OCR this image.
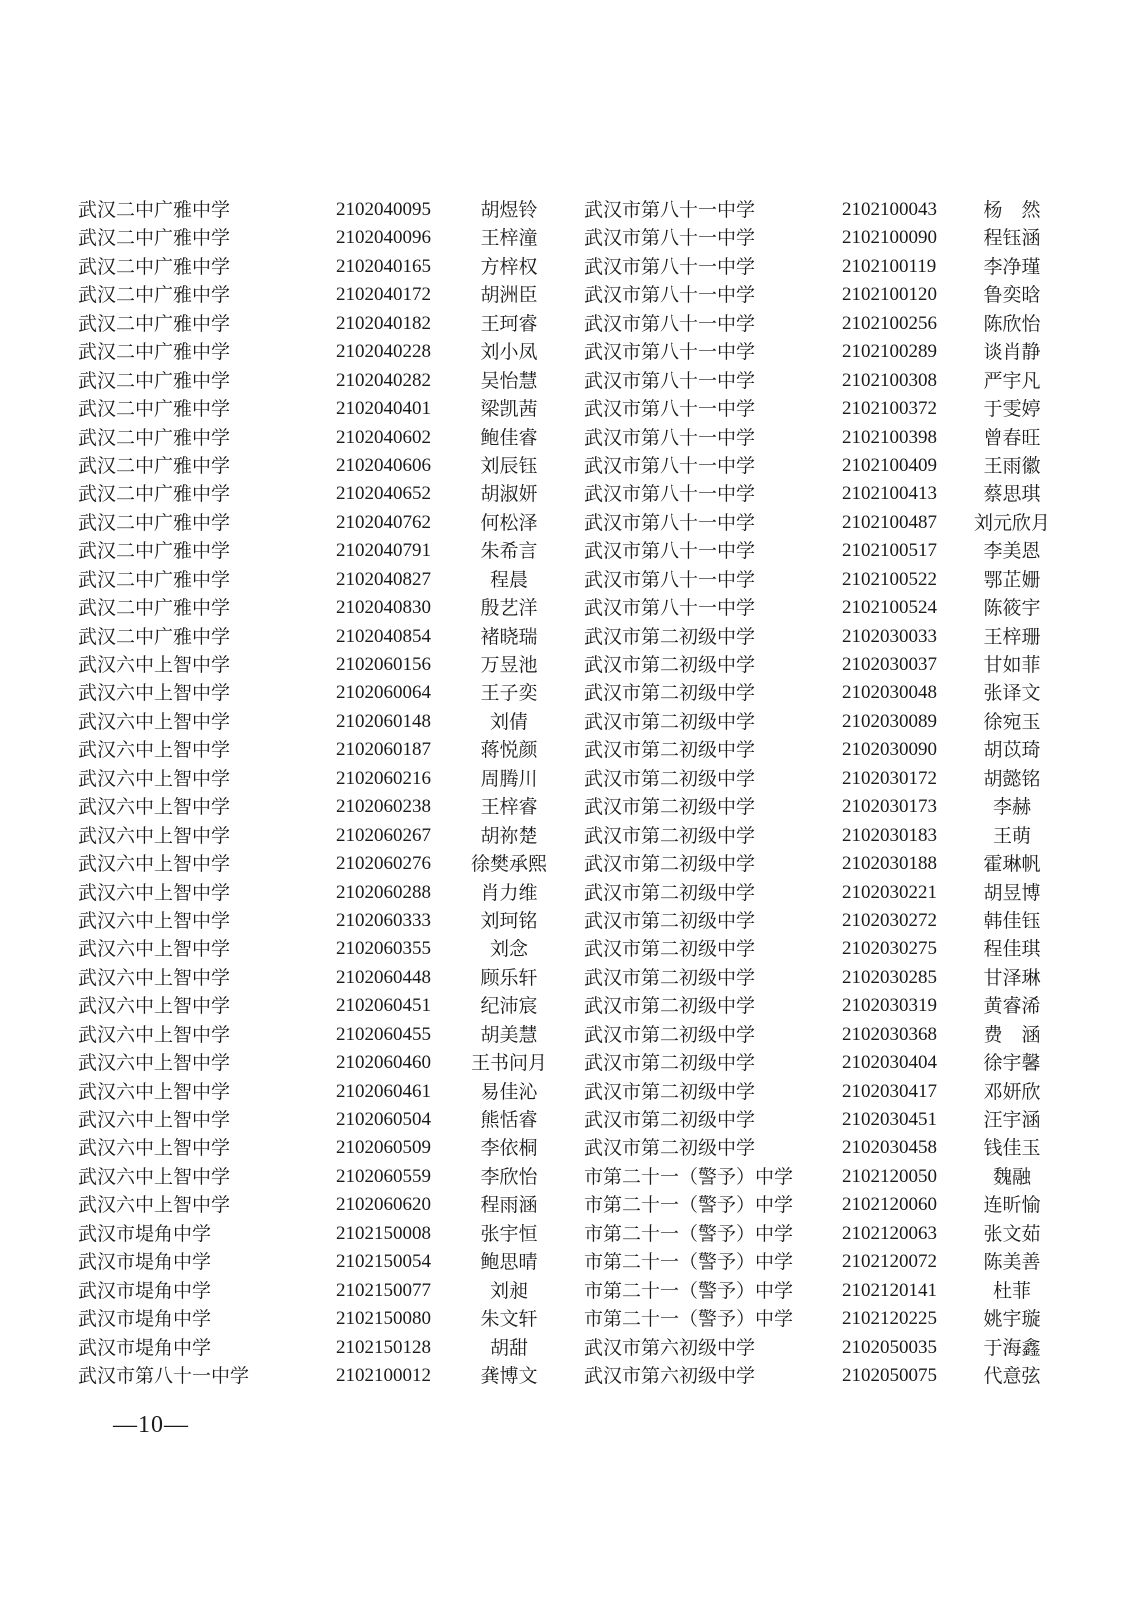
武汉二中广雅中学	2102040095	胡煜铃	武汉市第八十一中学	2102100043	杨　然
武汉二中广雅中学	2102040096	王梓潼	武汉市第八十一中学	2102100090	程钰涵
武汉二中广雅中学	2102040165	方梓权	武汉市第八十一中学	2102100119	李净瑾
武汉二中广雅中学	2102040172	胡洲臣	武汉市第八十一中学	2102100120	鲁奕晗
武汉二中广雅中学	2102040182	王珂睿	武汉市第八十一中学	2102100256	陈欣怡
武汉二中广雅中学	2102040228	刘小凤	武汉市第八十一中学	2102100289	谈肖静
武汉二中广雅中学	2102040282	吴怡慧	武汉市第八十一中学	2102100308	严宇凡
武汉二中广雅中学	2102040401	梁凯茜	武汉市第八十一中学	2102100372	于雯婷
武汉二中广雅中学	2102040602	鲍佳睿	武汉市第八十一中学	2102100398	曾春旺
武汉二中广雅中学	2102040606	刘辰钰	武汉市第八十一中学	2102100409	王雨徽
武汉二中广雅中学	2102040652	胡淑妍	武汉市第八十一中学	2102100413	蔡思琪
武汉二中广雅中学	2102040762	何松泽	武汉市第八十一中学	2102100487 刘元欣月
武汉二中广雅中学	2102040791	朱希言	武汉市第八十一中学	2102100517	李美恩
武汉二中广雅中学	2102040827	程晨	武汉市第八十一中学	2102100522	鄂芷姗
武汉二中广雅中学	2102040830	殷艺洋	武汉市第八十一中学	2102100524	陈筱宇
武汉二中广雅中学	2102040854	褚晓瑞	武汉市第二初级中学	2102030033	王梓珊
武汉六中上智中学	2102060156	万昱池	武汉市第二初级中学	2102030037	甘如菲
武汉六中上智中学	2102060064	王子奕	武汉市第二初级中学	2102030048	张译文
武汉六中上智中学	2102060148	刘倩	武汉市第二初级中学	2102030089	徐宛玉
武汉六中上智中学	2102060187	蒋悦颜	武汉市第二初级中学	2102030090	胡苡琦
武汉六中上智中学	2102060216	周腾川	武汉市第二初级中学	2102030172	胡懿铭
武汉六中上智中学	2102060238	王梓睿	武汉市第二初级中学	2102030173	李赫
武汉六中上智中学	2102060267	胡祢楚	武汉市第二初级中学	2102030183	王萌
武汉六中上智中学	2102060276 徐樊承熙 武汉市第二初级中学	2102030188	霍琳帆
武汉六中上智中学	2102060288	肖力维	武汉市第二初级中学	2102030221	胡昱博
武汉六中上智中学	2102060333	刘珂铭	武汉市第二初级中学	2102030272	韩佳钰
武汉六中上智中学	2102060355	刘念	武汉市第二初级中学	2102030275	程佳琪
武汉六中上智中学	2102060448	顾乐轩	武汉市第二初级中学	2102030285	甘泽琳
武汉六中上智中学	2102060451	纪沛宸	武汉市第二初级中学	2102030319	黄睿浠
武汉六中上智中学	2102060455	胡美慧	武汉市第二初级中学	2102030368	费　涵
武汉六中上智中学	2102060460 王书问月 武汉市第二初级中学	2102030404	徐宇馨
武汉六中上智中学	2102060461	易佳沁	武汉市第二初级中学	2102030417	邓妍欣
武汉六中上智中学	2102060504	熊恬睿	武汉市第二初级中学	2102030451	汪宇涵
武汉六中上智中学	2102060509	李依桐	武汉市第二初级中学	2102030458	钱佳玉
武汉六中上智中学	2102060559	李欣怡	市第二十一（警予）中学	2102120050	魏融
武汉六中上智中学	2102060620	程雨涵	市第二十一（警予）中学	2102120060	连昕愉
武汉市堤角中学	2102150008	张宇恒	市第二十一（警予）中学	2102120063	张文茹
武汉市堤角中学	2102150054	鲍思晴	市第二十一（警予）中学	2102120072	陈美善
武汉市堤角中学	2102150077	刘昶	市第二十一（警予）中学	2102120141	杜菲
武汉市堤角中学	2102150080	朱文轩	市第二十一（警予）中学	2102120225	姚宇璇
武汉市堤角中学	2102150128	胡甜	武汉市第六初级中学	2102050035	于海鑫
武汉市第八十一中学	2102100012	龚博文	武汉市第六初级中学	2102050075	代意弦
—10—
